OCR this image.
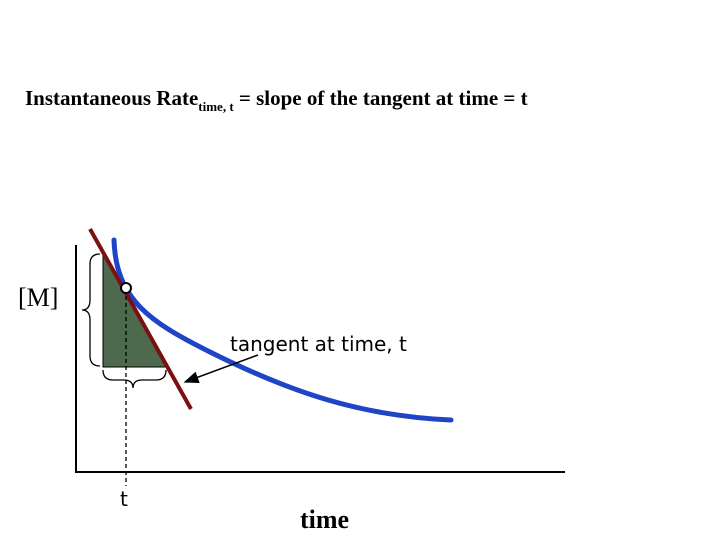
Instantaneous Rate$_{time, t}$ = slope of the tangent at time = t
[M]
time
t
tangent at time, t
